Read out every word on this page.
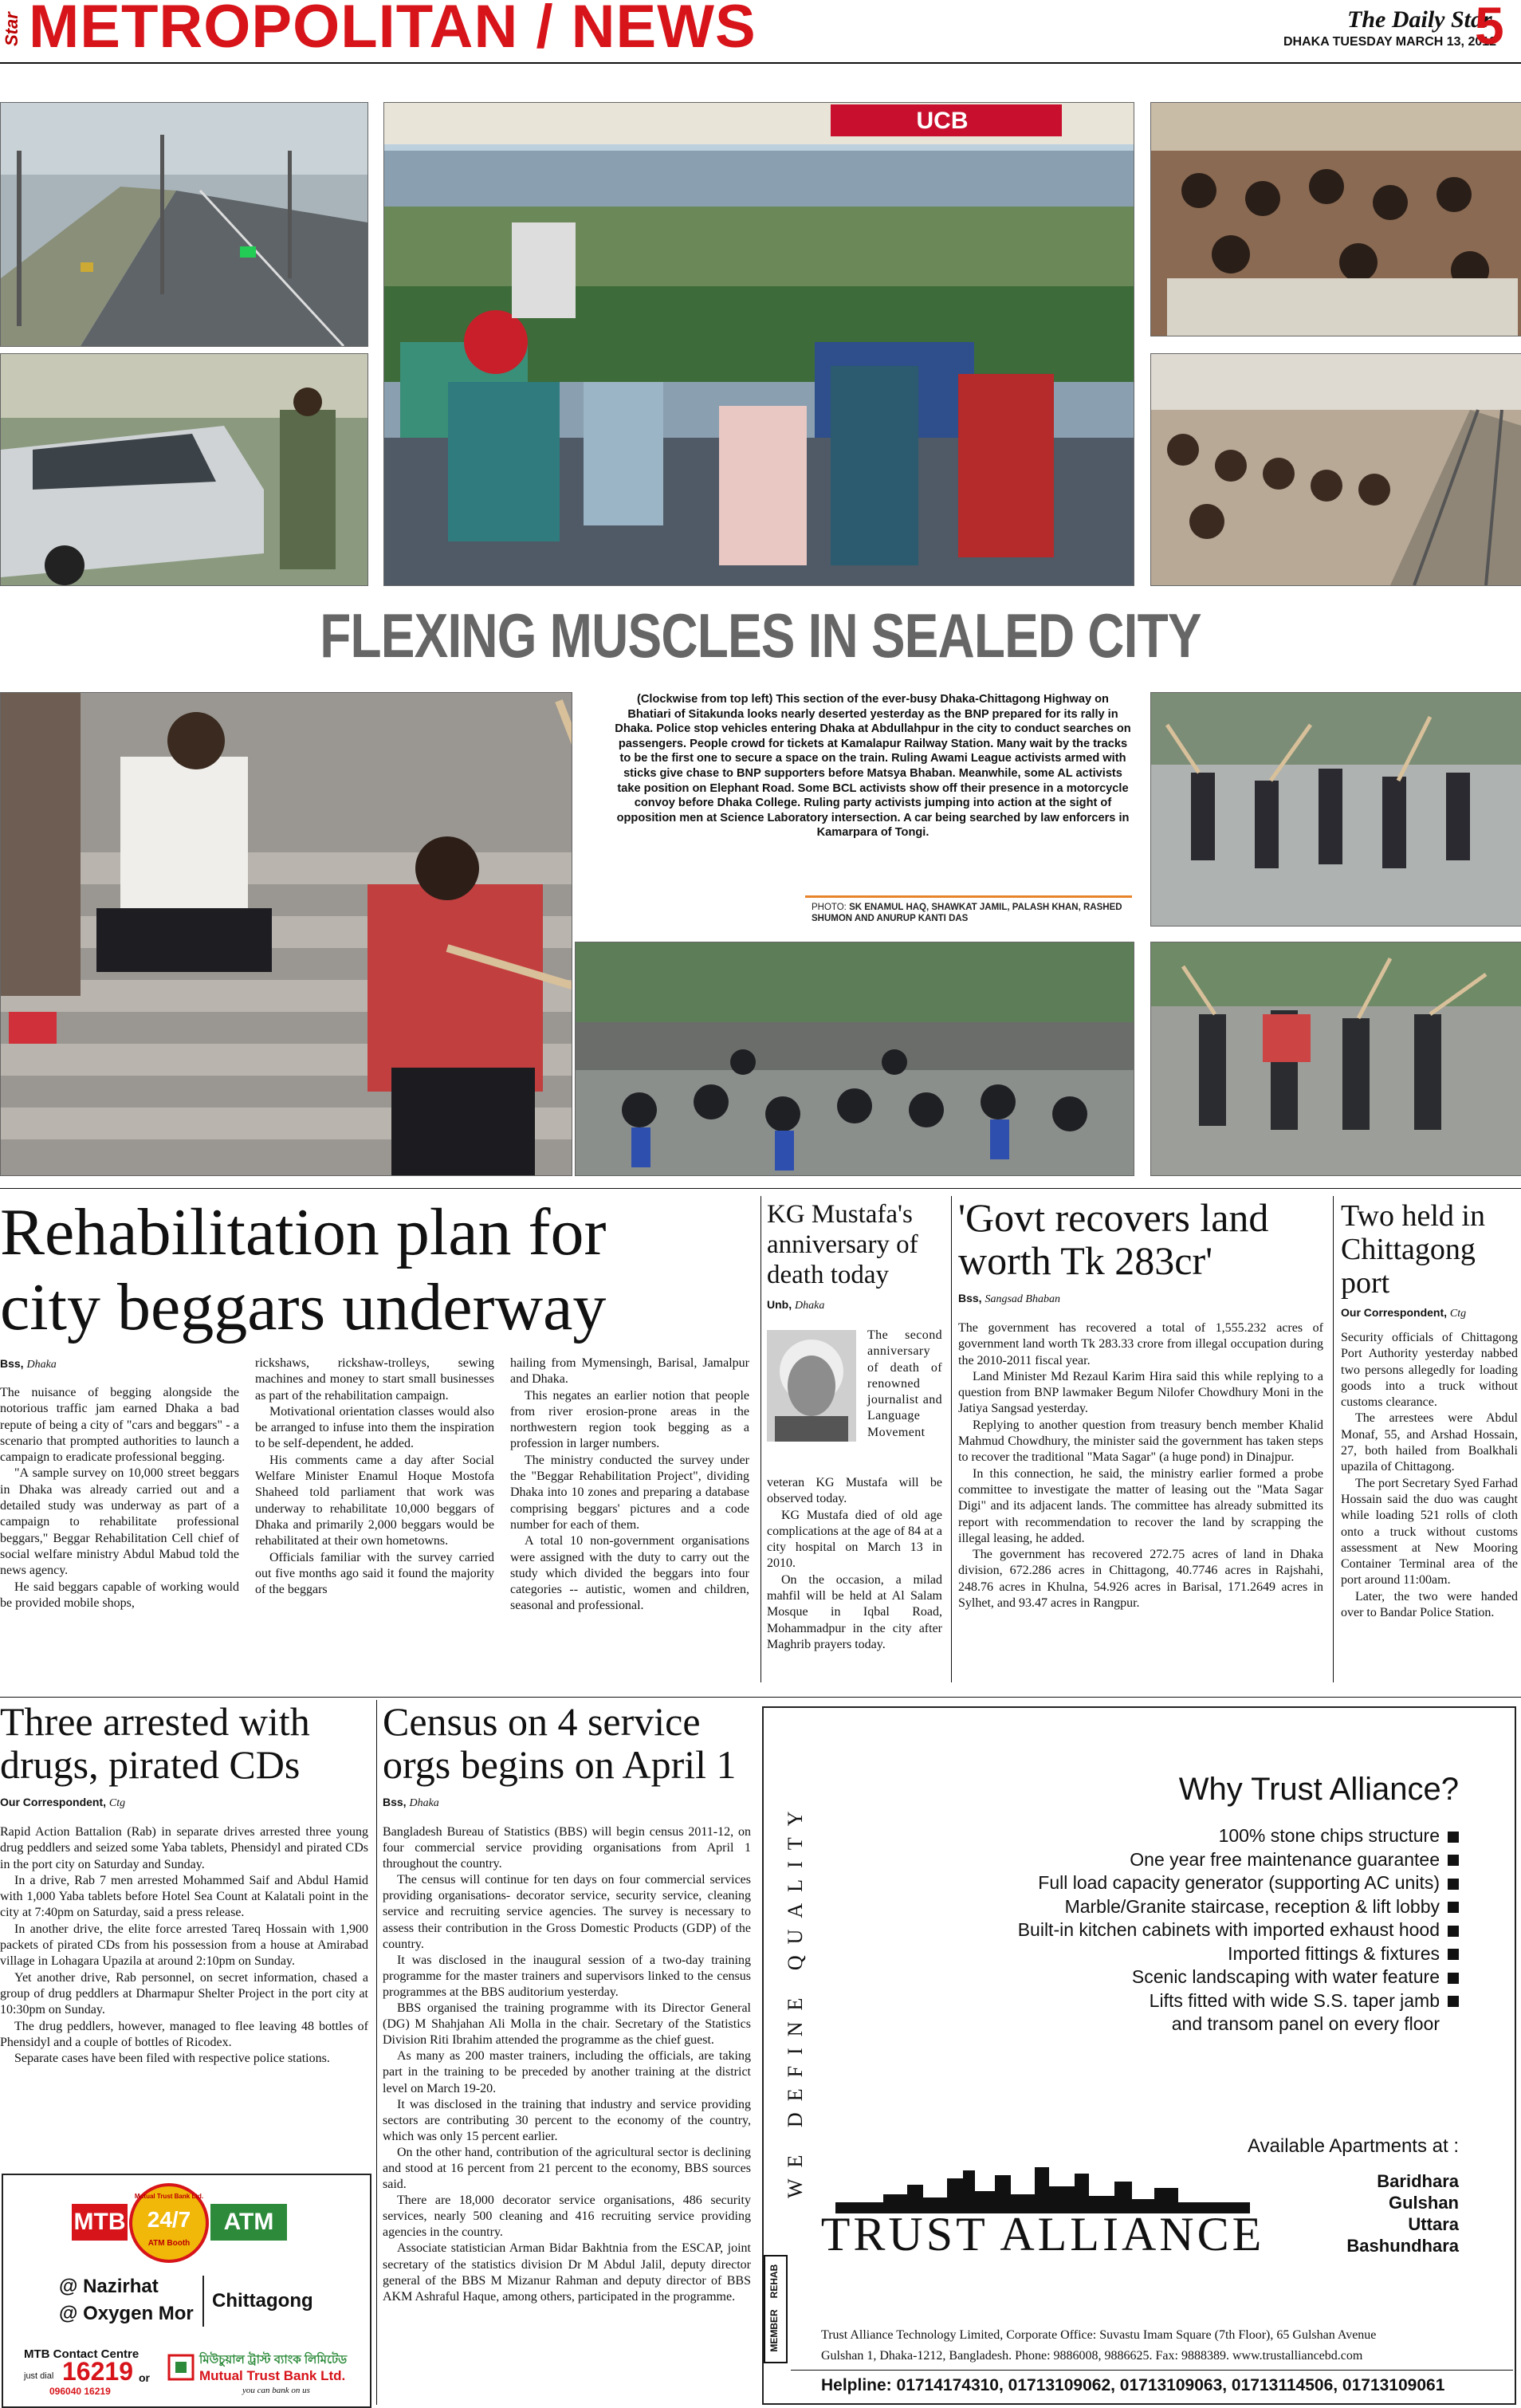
Star METROPOLITAN / NEWS	The Daily Star
DHAKA TUESDAY MARCH 13, 2012
5
UCB
FLEXING MUSCLES IN SEALED CITY
(Clockwise from top left) This section of the ever-busy Dhaka-Chittagong Highway on Bhatiari of Sitakunda looks nearly deserted yesterday as the BNP prepared for its rally in Dhaka. Police stop vehicles entering Dhaka at Abdullahpur in the city to conduct searches on passengers. People crowd for tickets at Kamalapur Railway Station. Many wait by the tracks to be the first one to secure a space on the train. Ruling Awami League activists armed with sticks give chase to BNP supporters before Matsya Bhaban. Meanwhile, some AL activists take position on Elephant Road. Some BCL activists show off their presence in a motorcycle convoy before Dhaka College. Ruling party activists jumping into action at the sight of opposition men at Science Laboratory intersection. A car being searched by law enforcers in Kamarpara of Tongi.
PHOTO: SK ENAMUL HAQ, SHAWKAT JAMIL, PALASH KHAN, RASHED SHUMON AND ANURUP KANTI DAS
Rehabilitation plan for
city beggars underway
Bss, Dhaka

The nuisance of begging alongside the notorious traffic jam earned Dhaka a bad repute of being a city of "cars and beggars" - a scenario that prompted authorities to launch a campaign to eradicate professional begging.

"A sample survey on 10,000 street beggars in Dhaka was already carried out and a detailed study was underway as part of a campaign to rehabilitate professional beggars," Beggar Rehabilitation Cell chief of social welfare ministry Abdul Mabud told the news agency.

He said beggars capable of working would be provided mobile shops,

rickshaws, rickshaw-trolleys, sewing machines and money to start small businesses as part of the rehabilitation campaign.

Motivational orientation classes would also be arranged to infuse into them the inspiration to be self-dependent, he added.

His comments came a day after Social Welfare Minister Enamul Hoque Mostofa Shaheed told parliament that work was underway to rehabilitate 10,000 beggars of Dhaka and primarily 2,000 beggars would be rehabilitated at their own hometowns.

Officials familiar with the survey carried out five months ago said it found the majority of the beggars

hailing from Mymensingh, Barisal, Jamalpur and Dhaka.

This negates an earlier notion that people from river erosion-prone areas in the northwestern region took begging as a profession in larger numbers.

The ministry conducted the survey under the "Beggar Rehabilitation Project", dividing Dhaka into 10 zones and preparing a database comprising beggars' pictures and a code number for each of them.

A total 10 non-government organisations were assigned with the duty to carry out the study which divided the beggars into four categories -- autistic, women and children, seasonal and professional.

KG Mustafa's anniversary of death today
Unb, Dhaka
The second anniversary of death of renowned journalist and Language Movement

veteran KG Mustafa will be observed today.

KG Mustafa died of old age complications at the age of 84 at a city hospital on March 13 in 2010.

On the occasion, a milad mahfil will be held at Al Salam Mosque in Iqbal Road, Mohammadpur in the city after Maghrib prayers today.

'Govt recovers land
worth Tk 283cr'
Bss, Sangsad Bhaban

The government has recovered a total of 1,555.232 acres of government land worth Tk 283.33 crore from illegal occupation during the 2010-2011 fiscal year.

Land Minister Md Rezaul Karim Hira said this while replying to a question from BNP lawmaker Begum Nilofer Chowdhury Moni in the Jatiya Sangsad yesterday.

Replying to another question from treasury bench member Khalid Mahmud Chowdhury, the minister said the government has taken steps to recover the traditional "Mata Sagar" (a huge pond) in Dinajpur.

In this connection, he said, the ministry earlier formed a probe committee to investigate the matter of leasing out the "Mata Sagar Digi" and its adjacent lands. The committee has already submitted its report with recommendation to recover the land by scrapping the illegal leasing, he added.

The government has recovered 272.75 acres of land in Dhaka division, 672.286 acres in Chittagong, 40.7746 acres in Rajshahi, 248.76 acres in Khulna, 54.926 acres in Barisal, 171.2649 acres in Sylhet, and 93.47 acres in Rangpur.

Two held in
Chittagong
port
Our Correspondent, Ctg

Security officials of Chittagong Port Authority yesterday nabbed two persons allegedly for loading goods into a truck without customs clearance.

The arrestees were Abdul Monaf, 55, and Arshad Hossain, 27, both hailed from Boalkhali upazila of Chittagong.

The port Secretary Syed Farhad Hossain said the duo was caught while loading 521 rolls of cloth onto a truck without customs assessment at New Mooring Container Terminal area of the port around 11:00am.

Later, the two were handed over to Bandar Police Station.

Three arrested with
drugs, pirated CDs
Our Correspondent, Ctg

Rapid Action Battalion (Rab) in separate drives arrested three young drug peddlers and seized some Yaba tablets, Phensidyl and pirated CDs in the port city on Saturday and Sunday.

In a drive, Rab 7 men arrested Mohammed Saif and Abdul Hamid with 1,000 Yaba tablets before Hotel Sea Count at Kalatali point in the city at 7:40pm on Saturday, said a press release.

In another drive, the elite force arrested Tareq Hossain with 1,900 packets of pirated CDs from his possession from a house at Amirabad village in Lohagara Upazila at around 2:10pm on Sunday.

Yet another drive, Rab personnel, on secret information, chased a group of drug peddlers at Dharmapur Shelter Project in the port city at 10:30pm on Sunday.

The drug peddlers, however, managed to flee leaving 48 bottles of Phensidyl and a couple of bottles of Ricodex.

Separate cases have been filed with respective police stations.

MTB
Mutual Trust Bank Ltd.
24/7
ATM Booth
ATM
@ Nazirhat
@ Oxygen Mor
Chittagong
MTB Contact Centre
just dial 16219 or
096040 16219
মিউচুয়াল ট্রাস্ট ব্যাংক লিমিটেড
Mutual Trust Bank Ltd.
you can bank on us
Census on 4 service
orgs begins on April 1
Bss, Dhaka

Bangladesh Bureau of Statistics (BBS) will begin census 2011-12, on four commercial service providing organisations from April 1 throughout the country.

The census will continue for ten days on four commercial services providing organisations- decorator service, security service, cleaning service and recruiting service agencies. The survey is necessary to assess their contribution in the Gross Domestic Products (GDP) of the country.

It was disclosed in the inaugural session of a two-day training programme for the master trainers and supervisors linked to the census programmes at the BBS auditorium yesterday.

BBS organised the training programme with its Director General (DG) M Shahjahan Ali Molla in the chair. Secretary of the Statistics Division Riti Ibrahim attended the programme as the chief guest.

As many as 200 master trainers, including the officials, are taking part in the training to be preceded by another training at the district level on March 19-20.

It was disclosed in the training that industry and service providing sectors are contributing 30 percent to the economy of the country, which was only 15 percent earlier.

On the other hand, contribution of the agricultural sector is declining and stood at 16 percent from 21 percent to the economy, BBS sources said.

There are 18,000 decorator service organisations, 486 security services, nearly 500 cleaning and 416 recruiting service providing agencies in the country.

Associate statistician Arman Bidar Bakhtnia from the ESCAP, joint secretary of the statistics division Dr M Abdul Jalil, deputy director general of the BBS M Mizanur Rahman and deputy director of BBS AKM Ashraful Haque, among others, participated in the programme.

WE DEFINE QUALITY
Why Trust Alliance?
100% stone chips structure
One year free maintenance guarantee
Full load capacity generator (supporting AC units)
Marble/Granite staircase, reception & lift lobby
Built-in kitchen cabinets with imported exhaust hood
Imported fittings & fixtures
Scenic landscaping with water feature
Lifts fitted with wide S.S. taper jamb
and transom panel on every floor
Available Apartments at :
Baridhara
Gulshan
Uttara
Bashundhara
TRUST ALLIANCE
MEMBER
REHAB
Trust Alliance Technology Limited, Corporate Office: Suvastu Imam Square (7th Floor), 65 Gulshan Avenue
Gulshan 1, Dhaka-1212, Bangladesh. Phone: 9886008, 9886625. Fax: 9888389. www.trustalliancebd.com
Helpline: 01714174310, 01713109062, 01713109063, 01713114506, 01713109061
